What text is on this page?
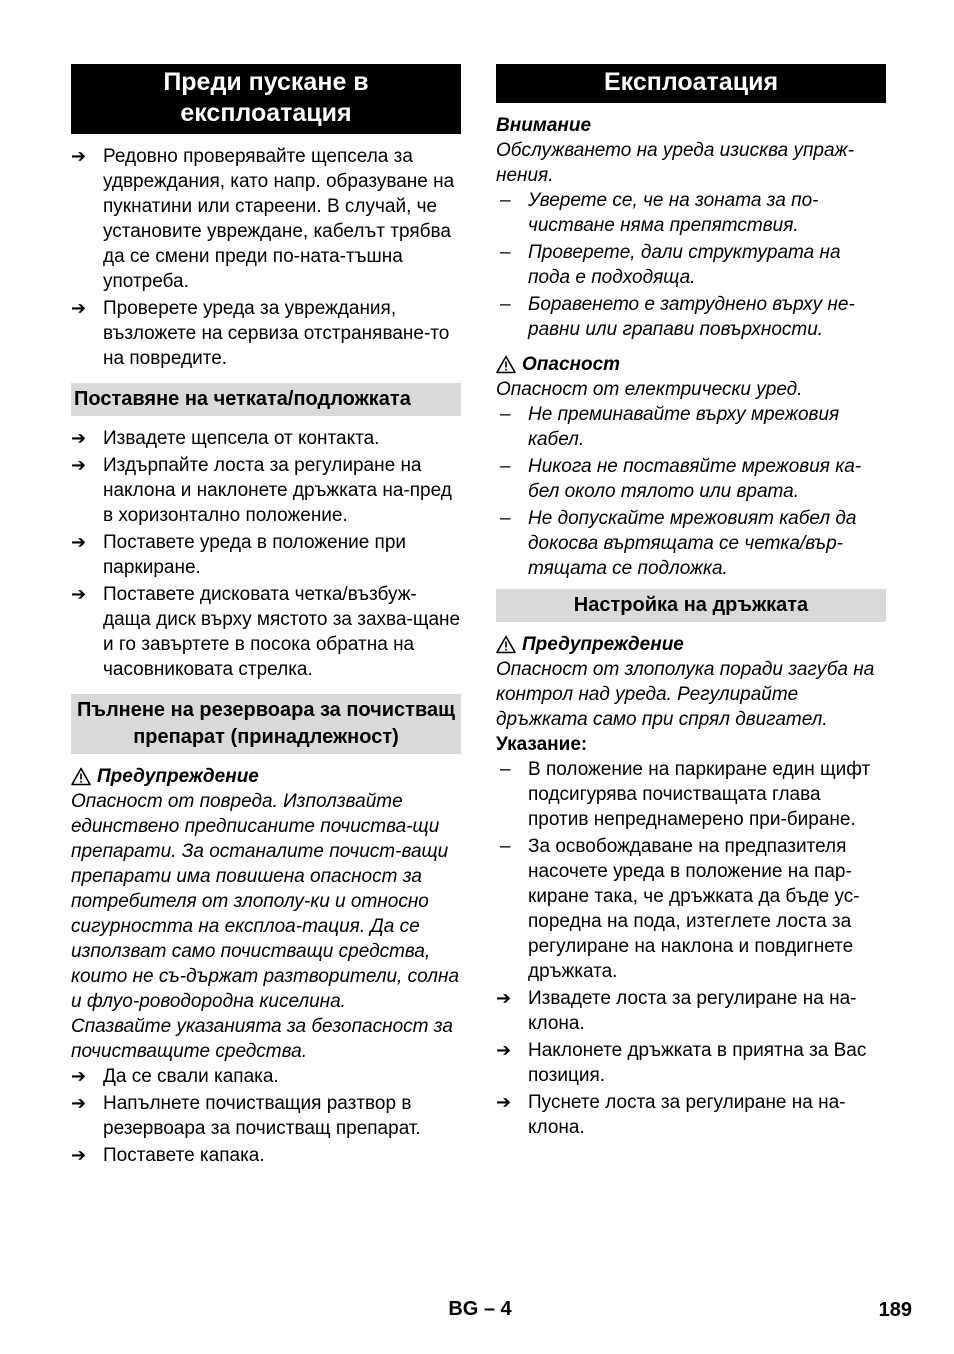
Преди пускане в експлоатация
➔ Редовно проверявайте щепсела за удвреждания, като напр. образуване на пукнатини или стареени. В случай, че установите увреждане, кабелът трябва да се смени преди по-ната-тъшна употреба.
➔ Проверете уреда за увреждания, възложете на сервиза отстраняване-то на повредите.
Поставяне на четката/подложката
➔ Извадете щепсела от контакта.
➔ Издърпайте лоста за регулиране на наклона и наклонете дръжката на-пред в хоризонтално положение.
➔ Поставете уреда в положение при паркиране.
➔ Поставете дисковата четка/възбуж-даща диск върху мястото за захва-щане и го завъртете в посока обратна на часовниковата стрелка.
Пълнене на резервоара за почистващ препарат (принадлежност)
Предупреждение

Опасност от повреда. Използвайте единствено предписаните почиства-щи препарати. За останалите почист-ващи препарати има повишена опасност за потребителя от злополу-ки и относно сигурността на експлоа-тация. Да се използват само почистващи средства, които не съ-държат разтворители, солна и флуо-роводородна киселина.

Спазвайте указанията за безопасност за почистващите средства.

➔ Да се свали капака.
➔ Напълнете почистващия разтвор в резервоара за почистващ препарат.
➔ Поставете капака.
Експлоатация
Внимание

Обслужването на уреда изисква упраж-нения.

– Уверете се, че на зоната за по-чистване няма препятствия.
– Проверете, дали структурата на пода е подходяща.
– Боравенето е затруднено върху не-равни или грапави повърхности.
Опасност

Опасност от електрически уред.

– Не преминавайте върху мрежовия кабел.
– Никога не поставяйте мрежовия ка-бел около тялото или врата.
– Не допускайте мрежовият кабел да докосва въртящата се четка/вър-тящата се подложка.
Настройка на дръжката
Предупреждение

Опасност от злополука поради загуба на контрол над уреда. Регулирайте дръжката само при спрял двигател.

Указание:
– В положение на паркиране един щифт подсигурява почистващата глава против непреднамерено при-биране.
– За освобождаване на предпазителя насочете уреда в положение на пар-киране така, че дръжката да бъде ус-поредна на пода, изтеглете лоста за регулиране на наклона и повдигнете дръжката.
➔ Извадете лоста за регулиране на на-клона.
➔ Наклонете дръжката в приятна за Вас позиция.
➔ Пуснете лоста за регулиране на на-клона.
BG – 4	189
